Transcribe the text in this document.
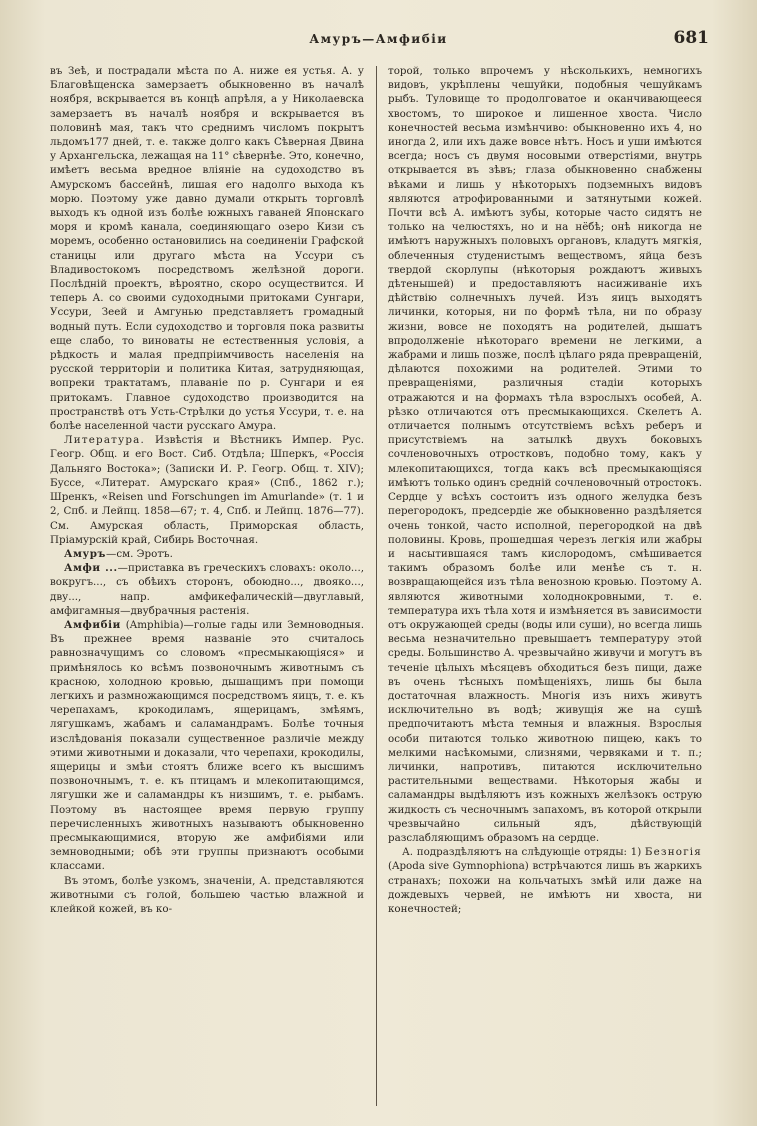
Амуръ—Амфибiи	681

въ Зеѣ, и пострадали мѣста по А. ниже ея устья. А. у Благовѣщенска замерзаетъ обыкновенно въ началѣ ноября, вскрывается въ концѣ апрѣля, а у Николаевска замерзаетъ въ началѣ ноября и вскрывается въ половинѣ мая, такъ что среднимъ числомъ покрытъ льдомъ177 дней, т. е. также долго какъ Сѣверная Двина у Архангельска, лежащая на 11° сѣвернѣе. Это, конечно, имѣетъ весьма вредное влiянiе на судоходство въ Амурскомъ бассейнѣ, лишая его надолго выхода къ морю. Поэтому уже давно думали открыть торговлѣ выходъ къ одной изъ болѣе южныхъ гаваней Японскаго моря и кромѣ канала, соединяющаго озеро Кизи съ моремъ, особенно остановились на соединенiи Графской станицы или другаго мѣста на Уссури съ Владивостокомъ посредствомъ желѣзной дороги. Послѣднiй проектъ, вѣроятно, скоро осуществится. И теперь А. со своими судоходными притоками Сунгари, Уссури, Зеей и Амгунью представляетъ громадный водный путь. Если судоходство и торговля пока развиты еще слабо, то виноваты не естественныя условiя, а рѣдкость и малая предпрiимчивость населенiя на русской территорiи и политика Китая, затрудняющая, вопреки трактатамъ, плаванiе по р. Сунгари и ея притокамъ. Главное судоходство производится на пространствѣ отъ Усть-Стрѣлки до устья Уссури, т. е. на болѣе населенной части русскаго Амура.

Литература. Извѣстiя и Вѣстникъ Импер. Рус. Геогр. Общ. и его Вост. Сиб. Отдѣла; Шперкъ, «Россiя Дальняго Востока»; (Записки И. Р. Геогр. Общ. т. XIV); Буссе, «Литерат. Амурскаго края» (Спб., 1862 г.); Шренкъ, «Reisen und Forschungen im Amurlande» (т. 1 и 2, Спб. и Лейпц. 1858—67; т. 4, Спб. и Лейпц. 1876—77). См. Амурская область, Приморская область, Прiамурскiй край, Сибирь Восточная.

Амуръ—см. Эротъ.

Амфи ...—приставка въ греческихъ словахъ: около..., вокругъ..., съ обѣихъ сторонъ, обоюдно..., двояко..., дву..., напр. амфикефалическiй—двуглавый, амфигамныя—двубрачныя растенiя.

Амфибiи (Amphibia)—голые гады или Земноводныя. Въ прежнее время названiе это считалось равнозначущимъ со словомъ «пресмыкающiяся» и примѣнялось ко всѣмъ позвоночнымъ животнымъ съ красною, холодною кровью, дышащимъ при помощи легкихъ и размножающимся посредствомъ яицъ, т. е. къ черепахамъ, крокодиламъ, ящерицамъ, змѣямъ, лягушкамъ, жабамъ и саламандрамъ. Болѣе точныя изслѣдованiя показали существенное различiе между этими животными и доказали, что черепахи, крокодилы, ящерицы и змѣи стоятъ ближе всего къ высшимъ позвоночнымъ, т. е. къ птицамъ и млекопитающимся, лягушки же и саламандры къ низшимъ, т. е. рыбамъ. Поэтому въ настоящее время первую группу перечисленныхъ животныхъ называютъ обыкновенно пресмыкающимися, вторую же амфибiями или земноводными; обѣ эти группы признаютъ особыми классами.

Въ этомъ, болѣе узкомъ, значенiи, А. представляются животными съ голой, большею частью влажной и клейкой кожей, въ ко-

торой, только впрочемъ у нѣсколькихъ, немногихъ видовъ, укрѣплены чешуйки, подобныя чешуйкамъ рыбъ. Туловище то продолговатое и оканчивающееся хвостомъ, то широкое и лишенное хвоста. Число конечностей весьма измѣнчиво: обыкновенно ихъ 4, но иногда 2, или ихъ даже вовсе нѣтъ. Носъ и уши имѣются всегда; носъ съ двумя носовыми отверстiями, внутрь открывается въ зѣвъ; глаза обыкновенно снабжены вѣками и лишь у нѣкоторыхъ подземныхъ видовъ являются атрофированными и затянутыми кожей. Почти всѣ А. имѣютъ зубы, которые часто сидятъ не только на челюстяхъ, но и на нёбѣ; онѣ никогда не имѣютъ наружныхъ половыхъ органовъ, кладутъ мягкiя, облеченныя студенистымъ веществомъ, яйца безъ твердой скорлупы (нѣкоторыя рождаютъ живыхъ дѣтенышей) и предоставляютъ насиживанiе ихъ дѣйствiю солнечныхъ лучей. Изъ яицъ выходятъ личинки, которыя, ни по формѣ тѣла, ни по образу жизни, вовсе не походятъ на родителей, дышатъ впродолженiе нѣкотораго времени не легкими, а жабрами и лишь позже, послѣ цѣлаго ряда превращенiй, дѣлаются похожими на родителей. Этими то превращенiями, различныя стадiи которыхъ отражаются и на формахъ тѣла взрослыхъ особей, А. рѣзко отличаются отъ пресмыкающихся. Скелетъ А. отличается полнымъ отсутствiемъ всѣхъ реберъ и присутствiемъ на затылкѣ двухъ боковыхъ сочленовочныхъ отростковъ, подобно тому, какъ у млекопитающихся, тогда какъ всѣ пресмыкающiяся имѣютъ только одинъ среднiй сочленовочный отростокъ. Сердце у всѣхъ состоитъ изъ одного желудка безъ перегородокъ, предсердiе же обыкновенно раздѣляется очень тонкой, часто исполной, перегородкой на двѣ половины. Кровь, прошедшая черезъ легкiя или жабры и насытившаяся тамъ кислородомъ, смѣшивается такимъ образомъ болѣе или менѣе съ т. н. возвращающейся изъ тѣла венозною кровью. Поэтому А. являются животными холоднокровными, т. е. температура ихъ тѣла хотя и измѣняется въ зависимости отъ окружающей среды (воды или суши), но всегда лишь весьма незначительно превышаетъ температуру этой среды. Большинство А. чрезвычайно живучи и могутъ въ теченiе цѣлыхъ мѣсяцевъ обходиться безъ пищи, даже въ очень тѣсныхъ помѣщенiяхъ, лишь бы была достаточная влажность. Многiя изъ нихъ живутъ исключительно въ водѣ; живущiя же на сушѣ предпочитаютъ мѣста темныя и влажныя. Взрослыя особи питаются только животною пищею, какъ то мелкими насѣкомыми, слизнями, червяками и т. п.; личинки, напротивъ, питаются исключительно растительными веществами. Нѣкоторыя жабы и саламандры выдѣляютъ изъ кожныхъ желѣзокъ острую жидкость съ чесночнымъ запахомъ, въ которой открыли чрезвычайно сильный ядъ, дѣйствующiй разслабляющимъ образомъ на сердце.

А. подраздѣляютъ на слѣдующiе отряды: 1) Безногiя (Apoda sive Gymnophiona) встрѣчаются лишь въ жаркихъ странахъ; похожи на кольчатыхъ змѣй или даже на дождевыхъ червей, не имѣютъ ни хвоста, ни конечностей;
